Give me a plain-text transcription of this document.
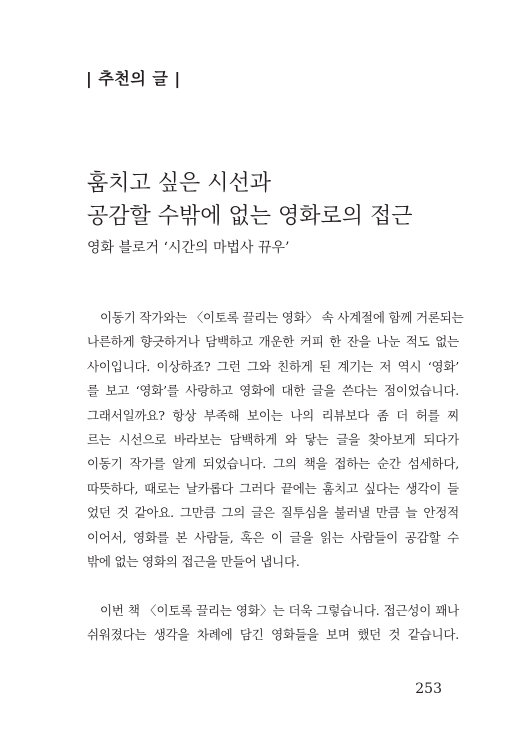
| 추천의 글 |
훔치고 싶은 시선과
공감할 수밖에 없는 영화로의 접근
영화 블로거 ‘시간의 마법사 뀨우’

이동기 작가와는 〈이토록 끌리는 영화〉 속 사계절에 함께 거론되는
나른하게 향긋하거나 담백하고 개운한 커피 한 잔을 나눈 적도 없는
사이입니다. 이상하죠? 그런 그와 친하게 된 계기는 저 역시 ‘영화’
를 보고 ‘영화’를 사랑하고 영화에 대한 글을 쓴다는 점이었습니다.
그래서일까요? 항상 부족해 보이는 나의 리뷰보다 좀 더 허를 찌
르는 시선으로 바라보는 담백하게 와 닿는 글을 찾아보게 되다가
이동기 작가를 알게 되었습니다. 그의 책을 접하는 순간 섬세하다,
따뜻하다, 때로는 날카롭다 그러다 끝에는 훔치고 싶다는 생각이 들
었던 것 같아요. 그만큼 그의 글은 질투심을 불러낼 만큼 늘 안정적
이어서, 영화를 본 사람들, 혹은 이 글을 읽는 사람들이 공감할 수
밖에 없는 영화의 접근을 만들어 냅니다.

이번 책 〈이토록 끌리는 영화〉는 더욱 그렇습니다. 접근성이 꽤나
쉬워졌다는 생각을 차례에 담긴 영화들을 보며 했던 것 같습니다.

253
